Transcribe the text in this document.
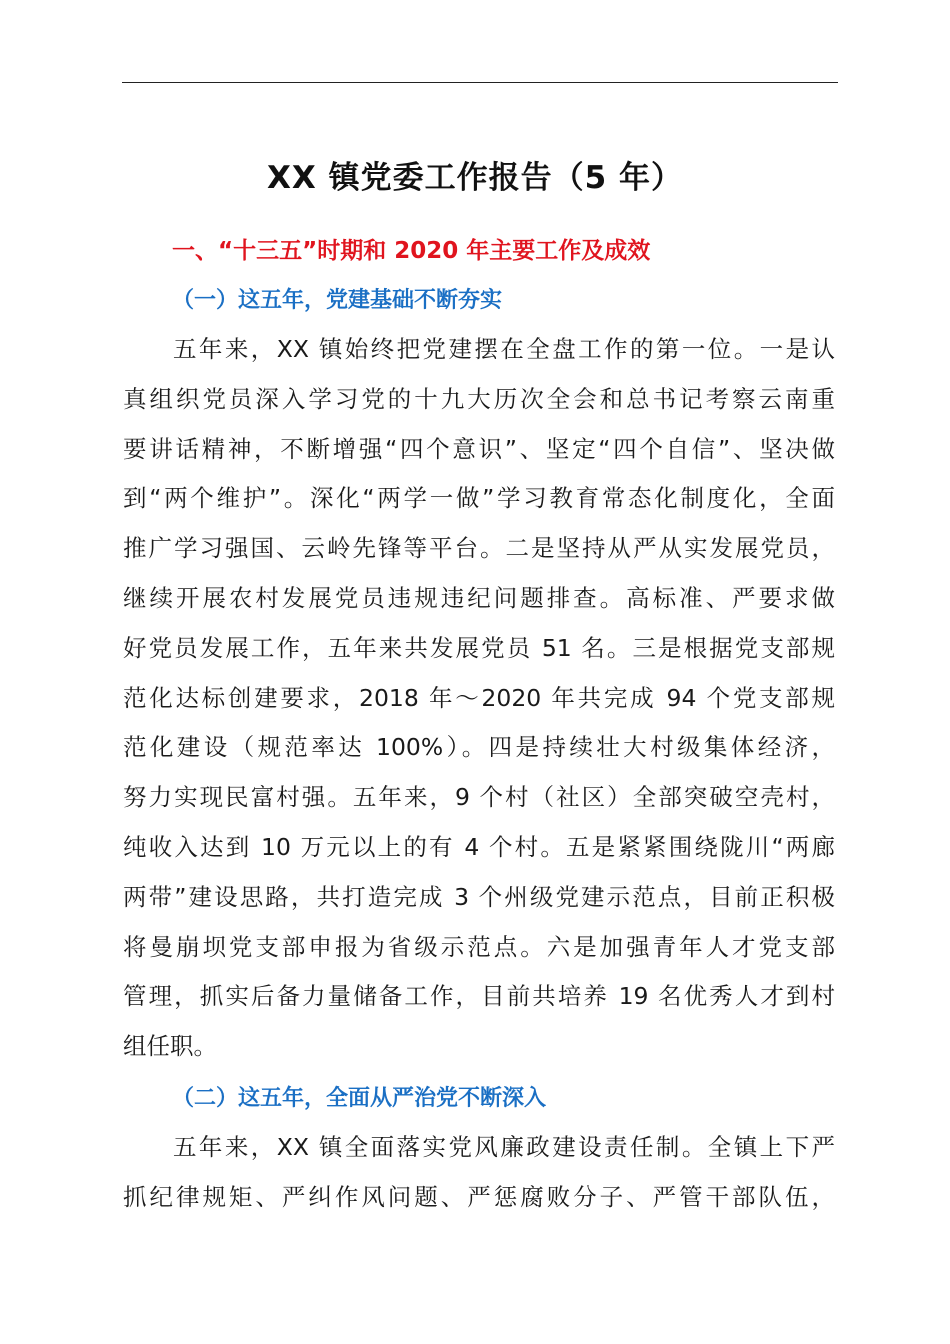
XX 镇党委工作报告（5 年）
一、“十三五”时期和 2020 年主要工作及成效
（一）这五年，党建基础不断夯实
五年来，XX 镇始终把党建摆在全盘工作的第一位。一是认
真组织党员深入学习党的十九大历次全会和总书记考察云南重
要讲话精神，不断增强“四个意识”、坚定“四个自信”、坚决做
到“两个维护”。深化“两学一做”学习教育常态化制度化，全面
推广学习强国、云岭先锋等平台。二是坚持从严从实发展党员，
继续开展农村发展党员违规违纪问题排查。高标准、严要求做
好党员发展工作，五年来共发展党员 51 名。三是根据党支部规
范化达标创建要求，2018 年～2020 年共完成 94 个党支部规
范化建设（规范率达 100%）。四是持续壮大村级集体经济，
努力实现民富村强。五年来，9 个村（社区）全部突破空壳村，
纯收入达到 10 万元以上的有 4 个村。五是紧紧围绕陇川“两廊
两带”建设思路，共打造完成 3 个州级党建示范点，目前正积极
将曼崩坝党支部申报为省级示范点。六是加强青年人才党支部
管理，抓实后备力量储备工作，目前共培养 19 名优秀人才到村
组任职。
（二）这五年，全面从严治党不断深入
五年来，XX 镇全面落实党风廉政建设责任制。全镇上下严
抓纪律规矩、严纠作风问题、严惩腐败分子、严管干部队伍，
